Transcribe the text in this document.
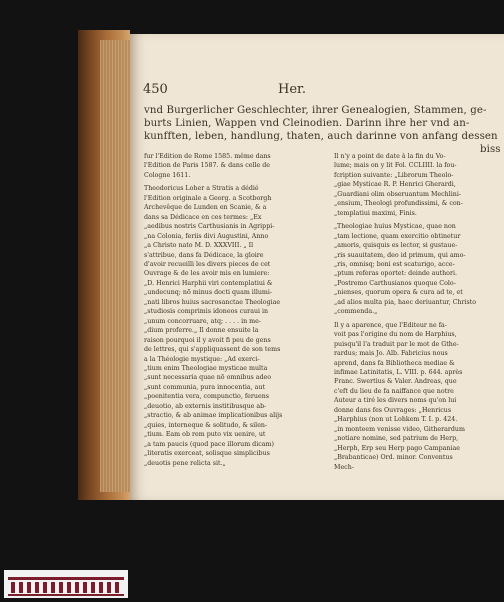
450	Her.
vnd Burgerlicher Geschlechter, ihrer Genealogien, Stammen, ge-
burts Linien, Wappen vnd Cleinodien. Darinn ihre her vnd an-
kunfften, leben, handlung, thaten, auch darinne von anfang dessen
biss
fur l'Edition de Rome 1585. même dans
l'Edition de Paris 1587. & dans celle de
Cologne 1611.
Theodoricus Loher a Stratis a dédié
l'Edition originale a Georg. a Scotborgh
Archevêque de Lunden en Scanie, & a
dans sa Dédicace en ces termes: „Ex
„aedibus nostris Carthusianis in Agrippi-
„na Colonia, feriis divi Augustini, Anno
„a Christo nato M. D. XXXVIII. „ Il
s'attribue, dans fa Dédicace, la gloire
d'avoir recueilli les divers pieces de cet
Ouvrage & de les avoir mis en lumiere:
„D. Henrici Harphii viri contemplatiui &
„undecunq; nõ minus docti quam illumi-
„nati libros huius sacrosanctae Theologiae
„studiosis comprimis idoneos curaui in
„unum concorruare, atq; . . . . in me-
„dium proferre.„ Il donne ensuite la
raison pourquoi il y avoit fi peu de gens
de lettres, qui s'appliquassent de son tems
a la Théologie mystique: „Ad exerci-
„tium enim Theologiae mysticae multa
„sunt necessaria quae nõ omnibus adeo
„sunt communia, pura innocentia, aut
„poenitentia vera, compunctio, feruens
„deuotio, ab externis institibusque ab-
„stractio, & ab animae implicationibus alijs
„quies, interneque & solitudo, & silen-
„tium. Eam ob rem puto vix uenire, ut
„a tam paucis (quod pace illorum dicam)
„literatis exerceat, solisque simplicibus
„deuotis pene relicta sit.„
Il n'y a point de date à la fin du Vo-
lume; mais on y lit Fol. CCLIIII. la fou-
fcription suivante: „Librorum Theolo-
„giae Mysticae R. P. Henrici Gherardi,
„Guardiani olim obseruantum Mechlini-
„ensium, Theologi profundissimi, & con-
„templatiui maximi, Finis.
„Theologiae huius Mysticae, quae non
„tam lectione, quam exercitio obtinetur
„amoris, quisquis es lector, si gustaue-
„ris suauitatem, deo id primum, qui amo-
„ris, omnisq; boni est scaturigo, acce-
„ptum referas oportet: deinde authori.
„Postremo Carthusianos quoque Colo-
„nienses, quorum opera & cura ad te, et
„ad alios multa pia, haec deriuantur, Christo
„commenda.„
Il y a aparence, que l'Editeur ne fa-
voit pas l'origine du nom de Harphius,
puisqu'il l'a traduit par le mot de Gthe-
rardus; mais Jo. Alb. Fabricius nous
aprend, dans fa Bibliotheca mediae &
infimae Latinitatis, L. VIII. p. 644. après
Franc. Swertius & Valer. Andreas, que
c'eft du lieu de fa naiffance que notre
Auteur a tiré les divers noms qu'on lui
donne dans fes Ouvrages: „Henricus
„Harphius (non ut Lohkem T. I. p. 424.
„in monteem venisse video, Githerardum
„notiare nomine, sed patrium de Herp,
„Herph, Erp seu Herp pago Campaniae
„Brabanticae) Ord. minor. Conventus
Mech-
